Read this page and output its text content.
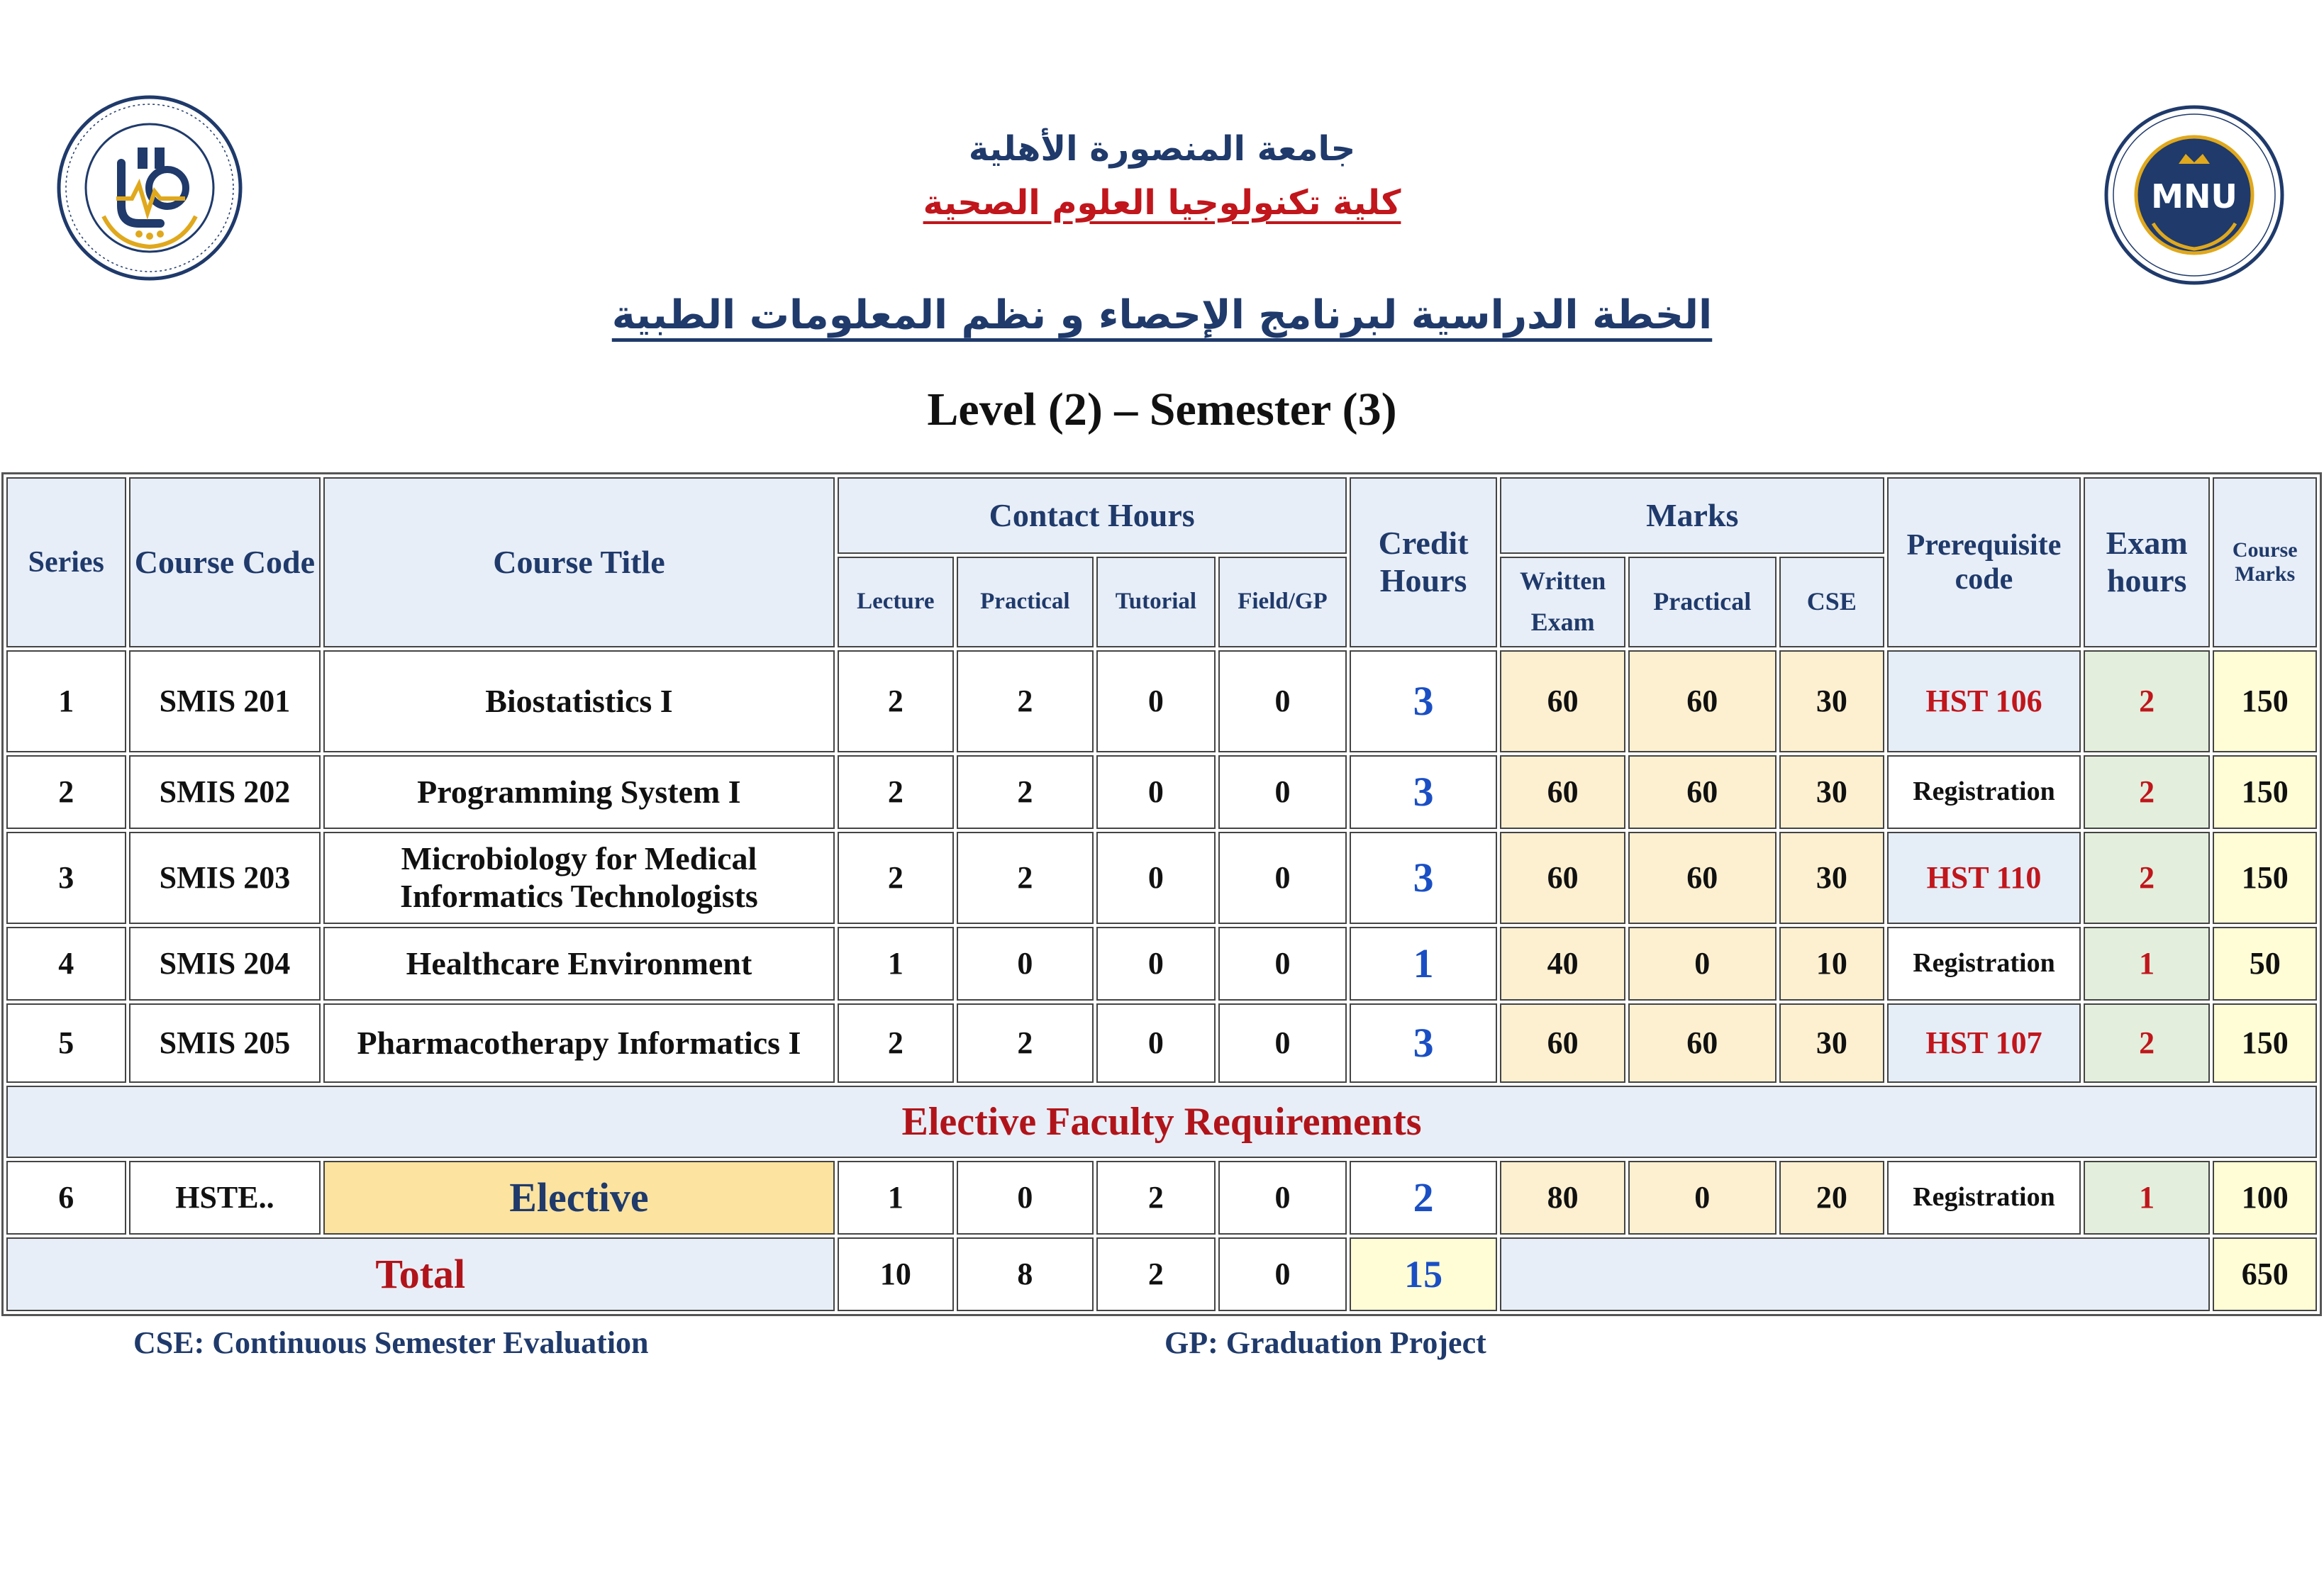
MNU
جامعة المنصورة الأهلية
كلية تكنولوجيا العلوم الصحية
الخطة الدراسية لبرنامج الإحصاء و نظم المعلومات الطبية
Level (2) – Semester (3)
Series	Course Code	Course Title	Contact Hours				Credit Hours	Marks			Prerequisite code	Exam hours	Course Marks
			Lecture	Practical	Tutorial	Field/GP		Written Exam	Practical	CSE			
1	SMIS 201	Biostatistics I	2	2	0	0	3	60	60	30	HST 106	2	150
2	SMIS 202	Programming System I	2	2	0	0	3	60	60	30	Registration	2	150
3	SMIS 203	Microbiology for Medical Informatics Technologists	2	2	0	0	3	60	60	30	HST 110	2	150
4	SMIS 204	Healthcare Environment	1	0	0	0	1	40	0	10	Registration	1	50
5	SMIS 205	Pharmacotherapy Informatics I	2	2	0	0	3	60	60	30	HST 107	2	150
Elective Faculty Requirements													
6	HSTE..	Elective	1	0	2	0	2	80	0	20	Registration	1	100
Total			10	8	2	0	15						650
CSE: Continuous Semester Evaluation	GP: Graduation Project
